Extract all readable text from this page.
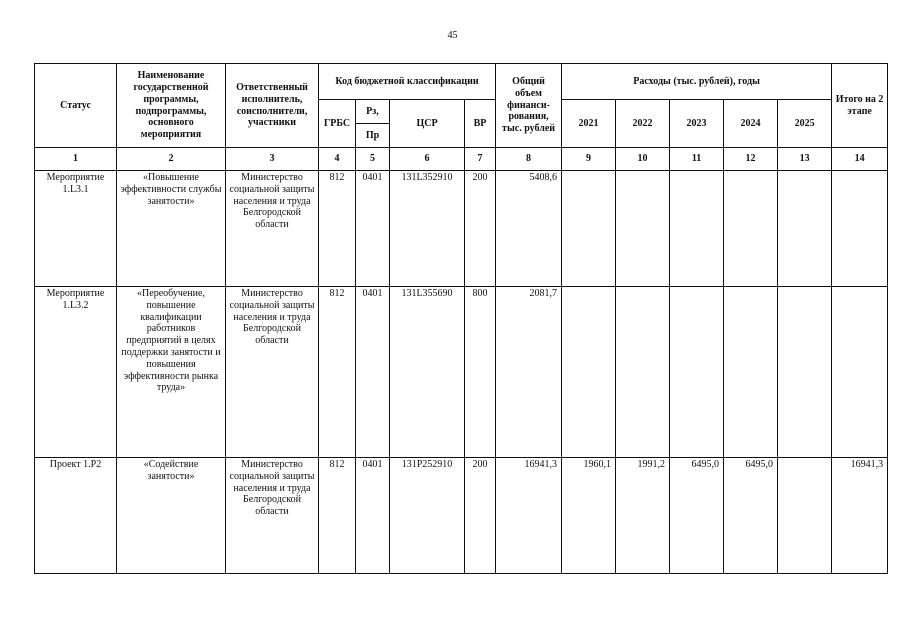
45
Статус	Наименование государственной программы, подпрограммы, основного мероприятия	Ответственный исполнитель, соисполнители, участники	Код бюджетной классификации				Общий объем финанси-рования, тыс. рублей	Расходы (тыс. рублей), годы					Итого на 2 этапе
			ГРБС	Рз,	ЦСР	ВР		2021	2022	2023	2024	2025	
				Пр									
1	2	3	4	5	6	7	8	9	10	11	12	13	14
Мероприятие 1.L3.1	«Повышение эффективности службы занятости»	Министерство социальной защиты населения и труда Белгородской области	812	0401	131L352910	200	5408,6						
Мероприятие 1.L3.2	«Переобучение, повышение квалификации работников предприятий в целях поддержки занятости и повышения эффективности рынка труда»	Министерство социальной защиты населения и труда Белгородской области	812	0401	131L355690	800	2081,7						
Проект 1.Р2	«Содействие занятости»	Министерство социальной защиты населения и труда Белгородской области	812	0401	131Р252910	200	16941,3	1960,1	1991,2	6495,0	6495,0		16941,3
